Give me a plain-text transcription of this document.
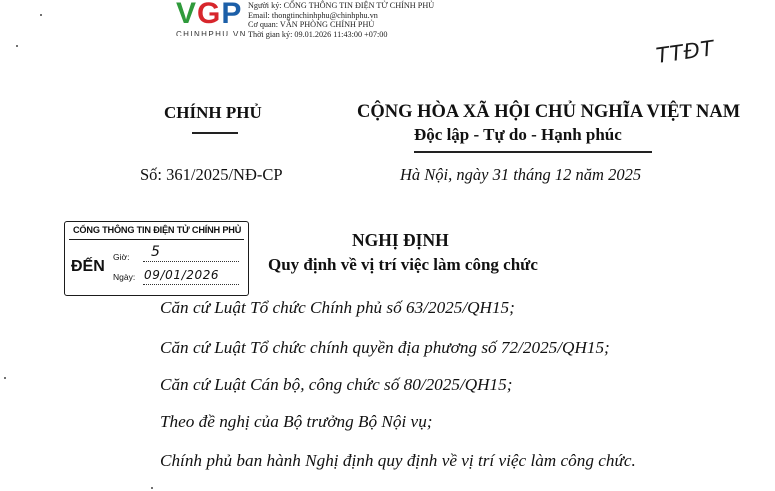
VGP
CHINHPHU.VN
Người ký: CỔNG THÔNG TIN ĐIỆN TỬ CHÍNH PHỦ
Email: thongtinchinhphu@chinhphu.vn
Cơ quan: VĂN PHÒNG CHÍNH PHỦ
Thời gian ký: 09.01.2026 11:43:00 +07:00
TTĐT
CHÍNH PHỦ	CỘNG HÒA XÃ HỘI CHỦ NGHĨA VIỆT NAM
Độc lập - Tự do - Hạnh phúc
Số: 361/2025/NĐ-CP	Hà Nội, ngày 31 tháng 12 năm 2025
CỔNG THÔNG TIN ĐIỆN TỬ CHÍNH PHỦ
ĐẾN
Giờ: 5
Ngày: 09/01/2026
NGHỊ ĐỊNH
Quy định về vị trí việc làm công chức
Căn cứ Luật Tổ chức Chính phủ số 63/2025/QH15;
Căn cứ Luật Tổ chức chính quyền địa phương số 72/2025/QH15;
Căn cứ Luật Cán bộ, công chức số 80/2025/QH15;
Theo đề nghị của Bộ trưởng Bộ Nội vụ;
Chính phủ ban hành Nghị định quy định về vị trí việc làm công chức.
